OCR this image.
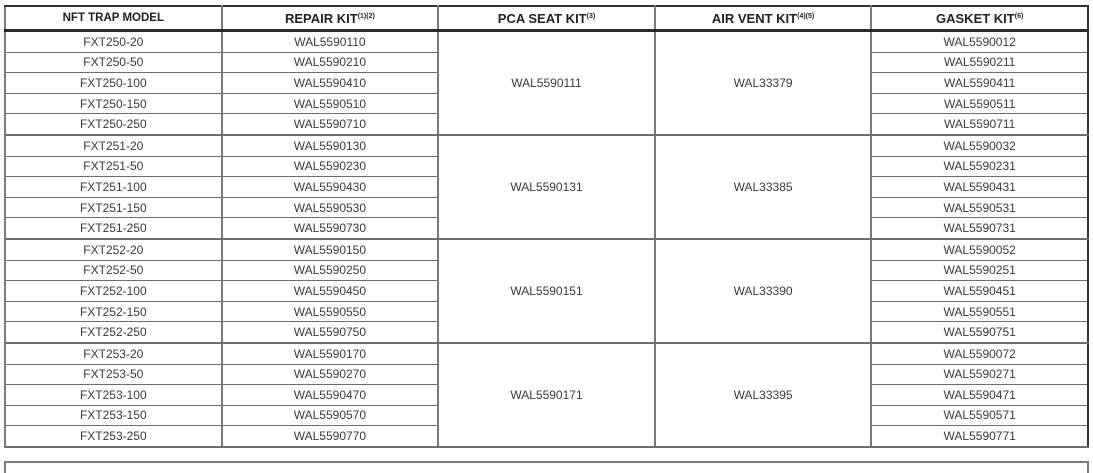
NFT TRAP MODEL	REPAIR $KIT^{(1)(2)}$	PCA SEAT KIT$^{(3)}$	AIR VENT $KIT^{(4)(5)}$	GASKET KIT$^{(6)}$
FXT250-20	WAL5590110	WAL5590111	WAL33379	WAL5590012
FXT250-50	WAL5590210			WAL5590211
FXT250-100	WAL5590410			WAL5590411
FXT250-150	WAL5590510			WAL5590511
FXT250-250	WAL5590710			WAL5590711
FXT251-20	WAL5590130	WAL5590131	WAL33385	WAL5590032
FXT251-50	WAL5590230			WAL5590231
FXT251-100	WAL5590430			WAL5590431
FXT251-150	WAL5590530			WAL5590531
FXT251-250	WAL5590730			WAL5590731
FXT252-20	WAL5590150	WAL5590151	WAL33390	WAL5590052
FXT252-50	WAL5590250			WAL5590251
FXT252-100	WAL5590450			WAL5590451
FXT252-150	WAL5590550			WAL5590551
FXT252-250	WAL5590750			WAL5590751
FXT253-20	WAL5590170	WAL5590171	WAL33395	WAL5590072
FXT253-50	WAL5590270			WAL5590271
FXT253-100	WAL5590470			WAL5590471
FXT253-150	WAL5590570			WAL5590571
FXT253-250	WAL5590770			WAL5590771
